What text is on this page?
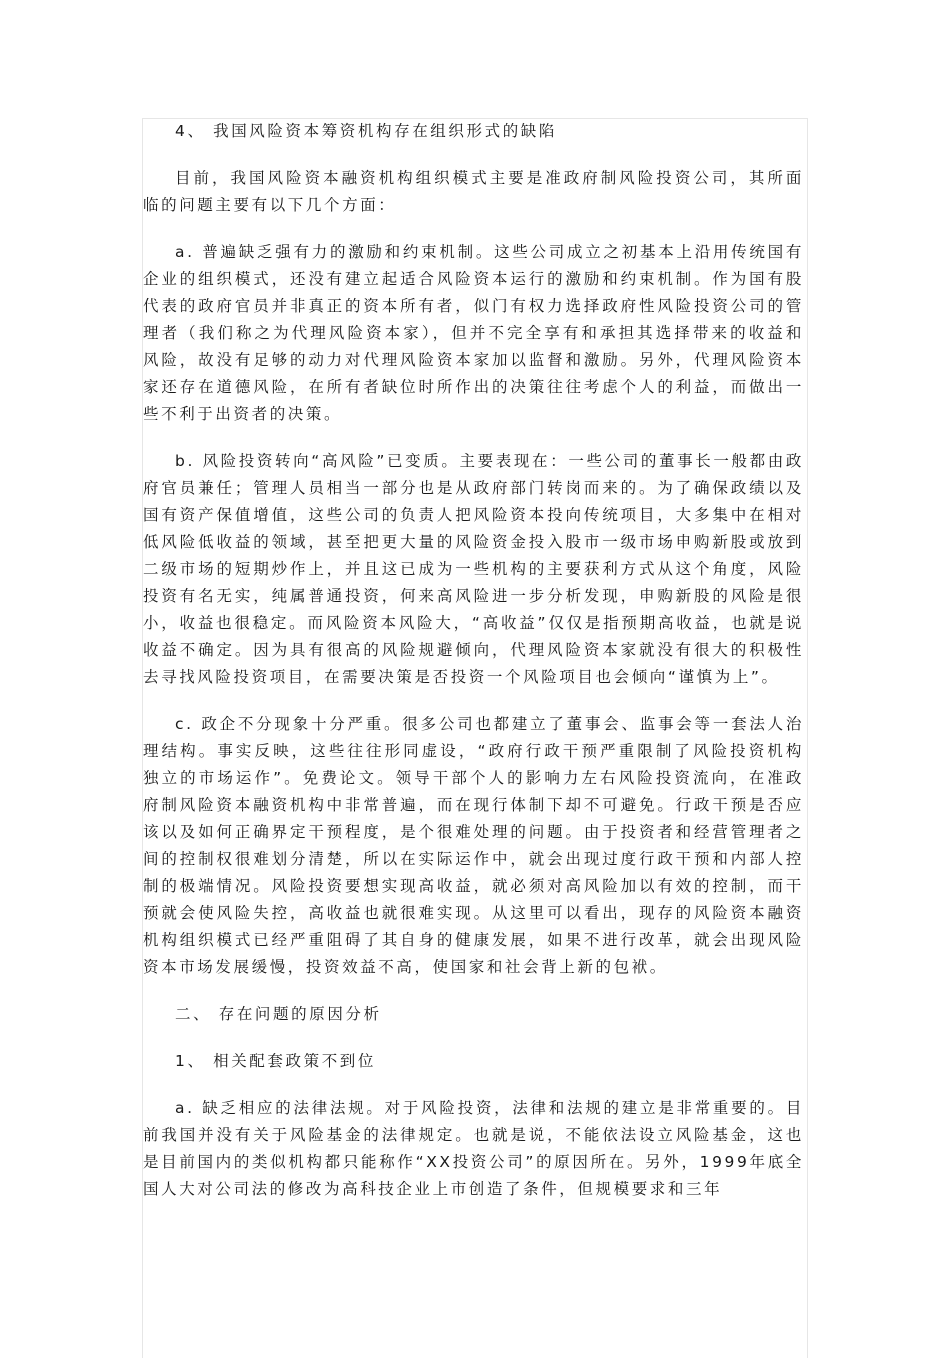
4、 我国风险资本筹资机构存在组织形式的缺陷

目前，我国风险资本融资机构组织模式主要是准政府制风险投资公司，其所面临的问题主要有以下几个方面：

a. 普遍缺乏强有力的激励和约束机制。这些公司成立之初基本上沿用传统国有企业的组织模式，还没有建立起适合风险资本运行的激励和约束机制。作为国有股代表的政府官员并非真正的资本所有者，似门有权力选择政府性风险投资公司的管理者（我们称之为代理风险资本家），但并不完全享有和承担其选择带来的收益和风险，故没有足够的动力对代理风险资本家加以监督和激励。另外，代理风险资本家还存在道德风险，在所有者缺位时所作出的决策往往考虑个人的利益，而做出一些不利于出资者的决策。

b. 风险投资转向“高风险”已变质。主要表现在：一些公司的董事长一般都由政府官员兼任；管理人员相当一部分也是从政府部门转岗而来的。为了确保政绩以及国有资产保值增值，这些公司的负责人把风险资本投向传统项目，大多集中在相对低风险低收益的领域，甚至把更大量的风险资金投入股市一级市场申购新股或放到二级市场的短期炒作上，并且这已成为一些机构的主要获利方式从这个角度，风险投资有名无实，纯属普通投资，何来高风险进一步分析发现，申购新股的风险是很小，收益也很稳定。而风险资本风险大，“高收益”仅仅是指预期高收益，也就是说收益不确定。因为具有很高的风险规避倾向，代理风险资本家就没有很大的积极性去寻找风险投资项目，在需要决策是否投资一个风险项目也会倾向“谨慎为上”。

c. 政企不分现象十分严重。很多公司也都建立了董事会、监事会等一套法人治理结构。事实反映，这些往往形同虚设，“政府行政干预严重限制了风险投资机构独立的市场运作”。免费论文。领导干部个人的影响力左右风险投资流向，在准政府制风险资本融资机构中非常普遍，而在现行体制下却不可避免。行政干预是否应该以及如何正确界定干预程度，是个很难处理的问题。由于投资者和经营管理者之间的控制权很难划分清楚，所以在实际运作中，就会出现过度行政干预和内部人控制的极端情况。风险投资要想实现高收益，就必须对高风险加以有效的控制，而干预就会使风险失控，高收益也就很难实现。从这里可以看出，现存的风险资本融资机构组织模式已经严重阻碍了其自身的健康发展，如果不进行改革，就会出现风险资本市场发展缓慢，投资效益不高，使国家和社会背上新的包袱。

二、 存在问题的原因分析

1、 相关配套政策不到位

a. 缺乏相应的法律法规。对于风险投资，法律和法规的建立是非常重要的。目前我国并没有关于风险基金的法律规定。也就是说，不能依法设立风险基金，这也是目前国内的类似机构都只能称作“XX投资公司”的原因所在。另外，1999年底全国人大对公司法的修改为高科技企业上市创造了条件，但规模要求和三年
